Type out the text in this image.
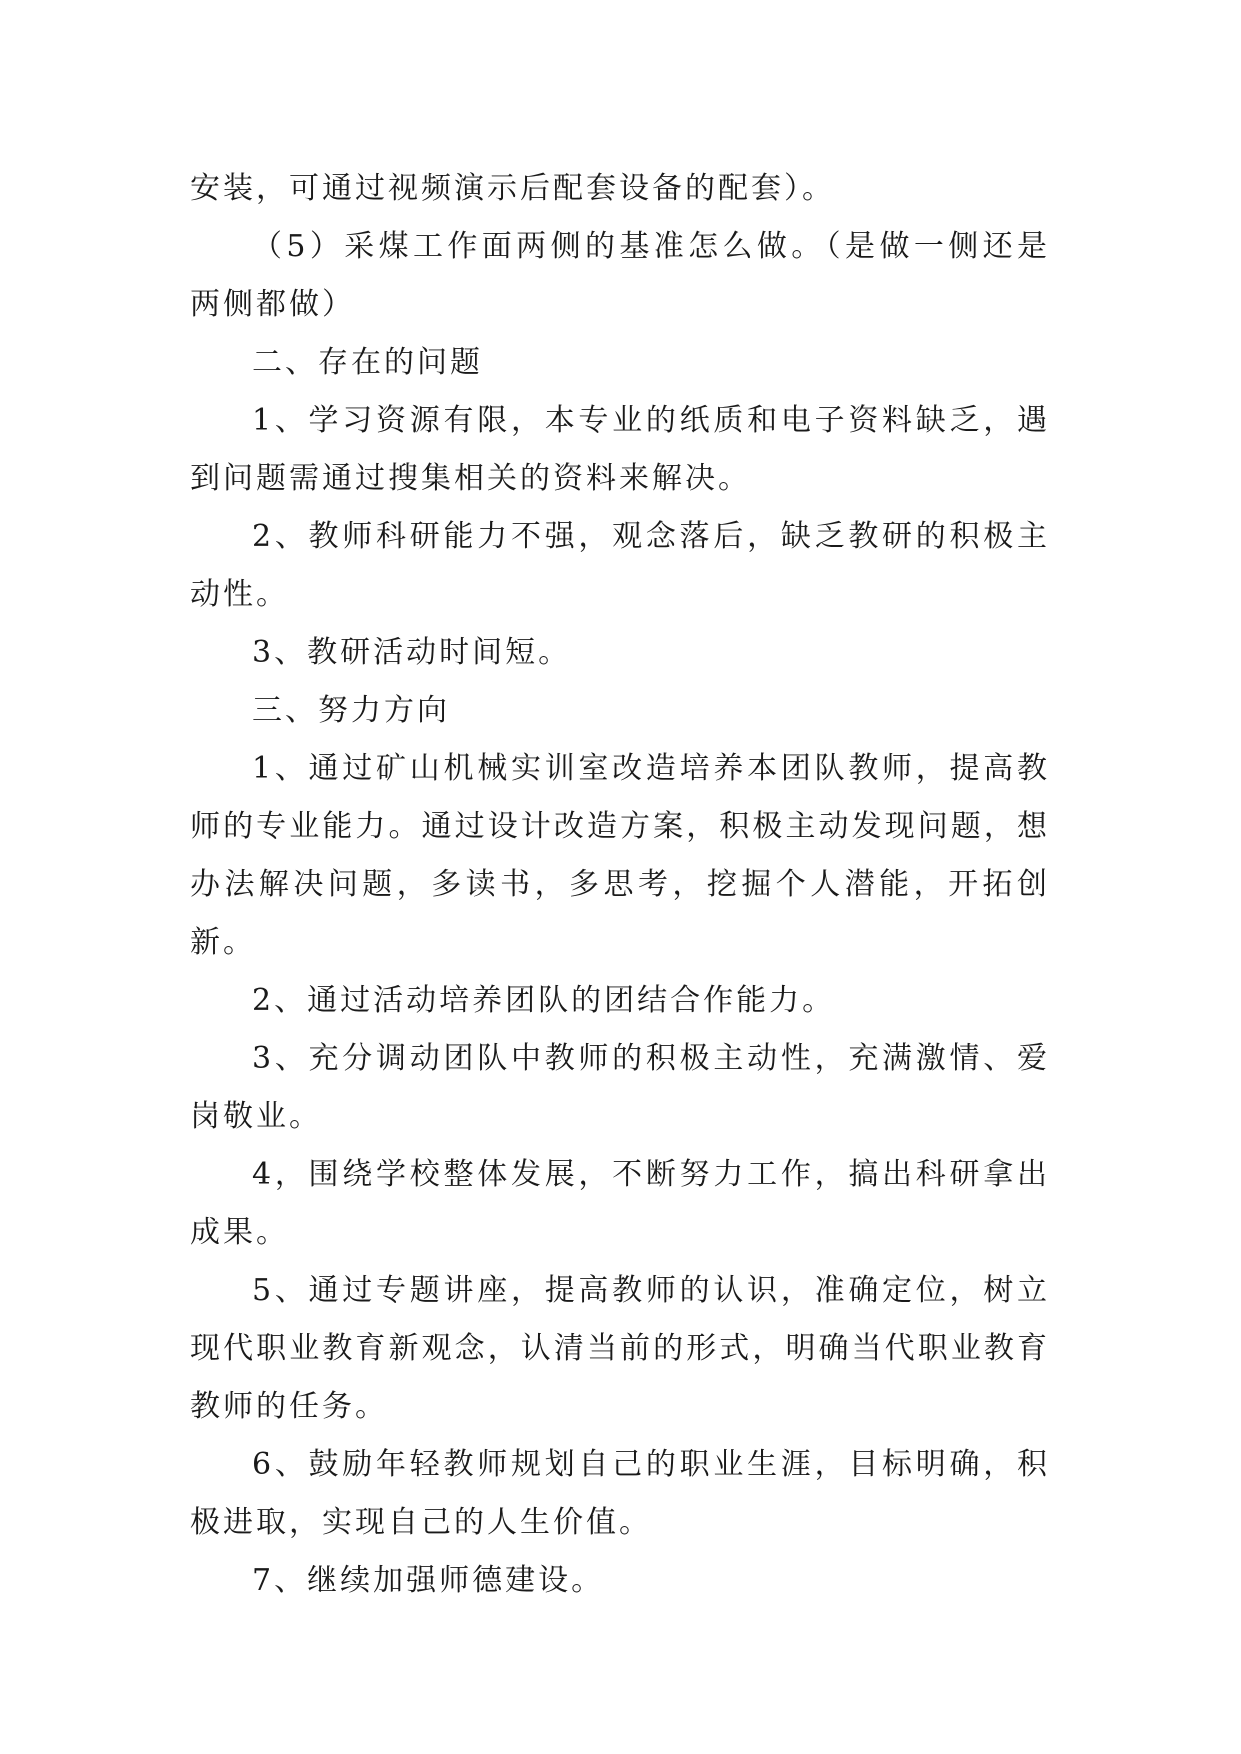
安装，可通过视频演示后配套设备的配套）。

（5）采煤工作面两侧的基准怎么做。（是做一侧还是两侧都做）

二、存在的问题

1、学习资源有限，本专业的纸质和电子资料缺乏，遇到问题需通过搜集相关的资料来解决。

2、教师科研能力不强，观念落后，缺乏教研的积极主动性。

3、教研活动时间短。

三、努力方向

1、通过矿山机械实训室改造培养本团队教师，提高教师的专业能力。通过设计改造方案，积极主动发现问题，想办法解决问题，多读书，多思考，挖掘个人潜能，开拓创新。

2、通过活动培养团队的团结合作能力。

3、充分调动团队中教师的积极主动性，充满激情、爱岗敬业。

4，围绕学校整体发展，不断努力工作，搞出科研拿出成果。

5、通过专题讲座，提高教师的认识，准确定位，树立现代职业教育新观念，认清当前的形式，明确当代职业教育教师的任务。

6、鼓励年轻教师规划自己的职业生涯，目标明确，积极进取，实现自己的人生价值。

7、继续加强师德建设。
